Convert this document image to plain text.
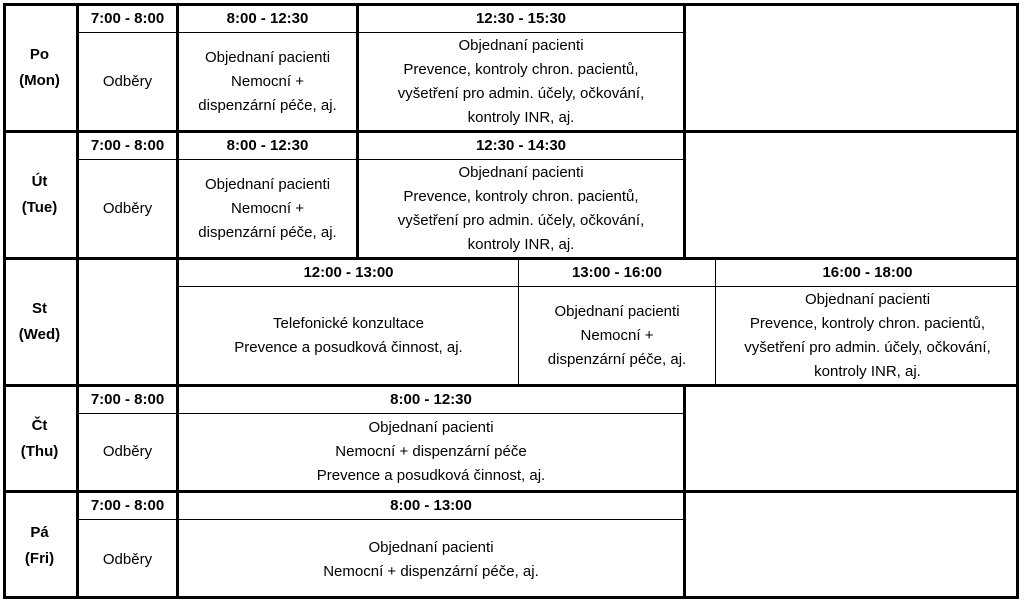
Po
(Mon)
7:00 - 8:00
Odběry
8:00 - 12:30
Objednaní pacienti
Nemocní +
dispenzární péče, aj.
12:30 - 15:30
Objednaní pacienti
Prevence, kontroly chron. pacientů,
vyšetření pro admin. účely, očkování,
kontroly INR, aj.
Út
(Tue)
7:00 - 8:00
Odběry
8:00 - 12:30
Objednaní pacienti
Nemocní +
dispenzární péče, aj.
12:30 - 14:30
Objednaní pacienti
Prevence, kontroly chron. pacientů,
vyšetření pro admin. účely, očkování,
kontroly INR, aj.
St
(Wed)
12:00 - 13:00
Telefonické konzultace
Prevence a posudková činnost, aj.
13:00 - 16:00
Objednaní pacienti
Nemocní +
dispenzární péče, aj.
16:00 - 18:00
Objednaní pacienti
Prevence, kontroly chron. pacientů,
vyšetření pro admin. účely, očkování,
kontroly INR, aj.
Čt
(Thu)
7:00 - 8:00
Odběry
8:00 - 12:30
Objednaní pacienti
Nemocní + dispenzární péče
Prevence a posudková činnost, aj.
Pá
(Fri)
7:00 - 8:00
Odběry
8:00 - 13:00
Objednaní pacienti
Nemocní + dispenzární péče, aj.
